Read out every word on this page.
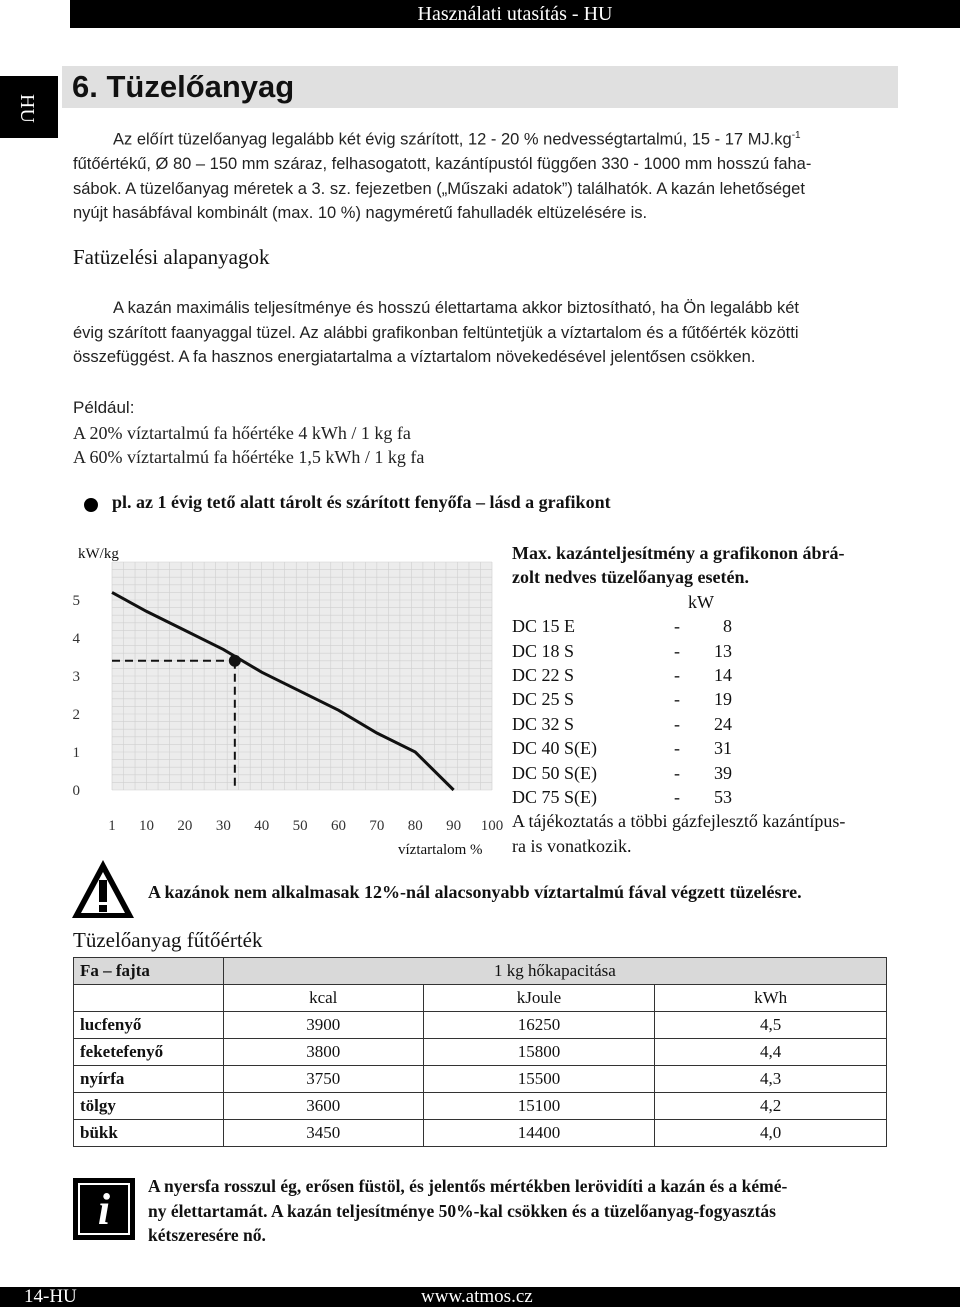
Használati utasítás - HU
HU
6. Tüzelőanyag
Az előírt tüzelőanyag legalább két évig szárított, 12 - 20 % nedvességtartalmú, 15 - 17 $MJ.kg^{-1}$
fűtőértékű, Ø 80 – 150 mm száraz, felhasogatott, kazántípustól függően 330 - 1000 mm hosszú faha-
sábok. A tüzelőanyag méretek a 3. sz. fejezetben („Műszaki adatok”) találhatók. A kazán lehetőséget
nyújt hasábfával kombinált (max. 10 %) nagyméretű fahulladék eltüzelésére is.
Fatüzelési alapanyagok
A kazán maximális teljesítménye és hosszú élettartama akkor biztosítható, ha Ön legalább két
évig szárított faanyaggal tüzel. Az alábbi grafikonban feltüntetjük a víztartalom és a fűtőérték közötti
összefüggést. A fa hasznos energiatartalma a víztartalom növekedésével jelentősen csökken.
Például:
A 20% víztartalmú fa hőértéke 4 kWh / 1 kg fa
A 60% víztartalmú fa hőértéke 1,5 kWh / 1 kg fa
pl. az 1 évig tető alatt tárolt és szárított fenyőfa – lásd a grafikont
1 10 20 30 40 50 60 70 80 90 100
0
1
2
3
4
5
kW/kg
víztartalom %
Max. kazánteljesítmény a grafikonon ábrá-
zolt nedves tüzelőanyag esetén.
kW
DC 15 E	-	8
DC 18 S	-	13
DC 22 S	-	14
DC 25 S	-	19
DC 32 S	-	24
DC 40 S(E)	-	31
DC 50 S(E)	-	39
DC 75 S(E)	-	53
A tájékoztatás a többi gázfejlesztő kazántípus-
ra is vonatkozik.
A kazánok nem alkalmasak 12%-nál alacsonyabb víztartalmú fával végzett tüzelésre.
Tüzelőanyag fűtőérték
Fa – fajta	1 kg hőkapacitása		
	kcal	kJoule	kWh
lucfenyő	3900	16250	4,5
feketefenyő	3800	15800	4,4
nyírfa	3750	15500	4,3
tölgy	3600	15100	4,2
bükk	3450	14400	4,0
i	A nyersfa rosszul ég, erősen füstöl, és jelentős mértékben lerövidíti a kazán és a kémé-
ny élettartamát. A kazán teljesítménye 50%-kal csökken és a tüzelőanyag-fogyasztás
kétszeresére nő.
14-HU	www.atmos.cz
